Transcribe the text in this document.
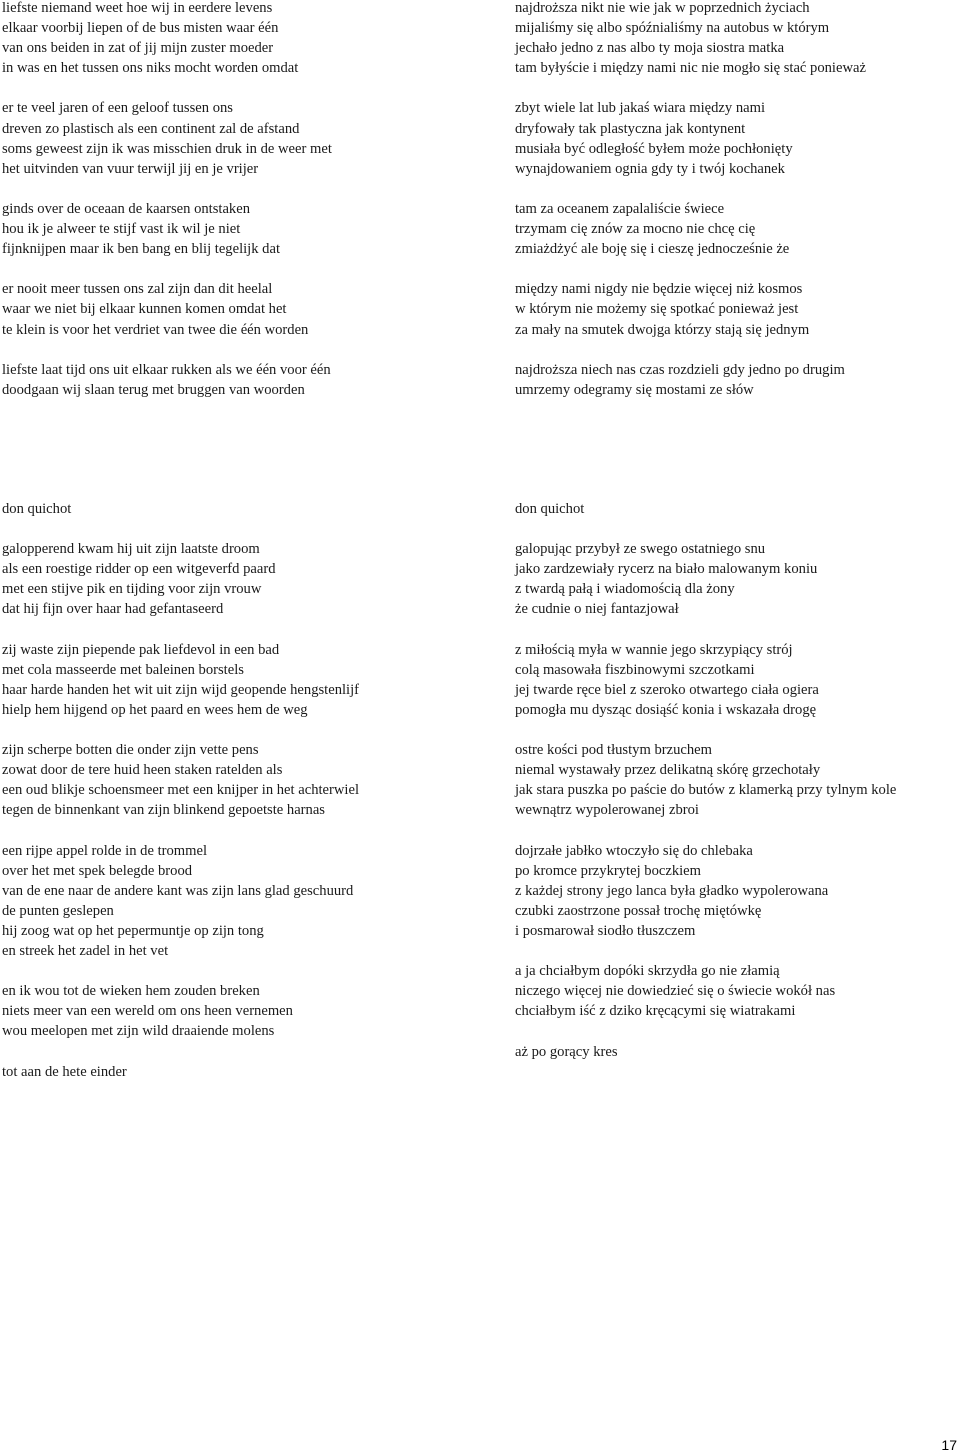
liefste niemand weet hoe wij in eerdere levens
elkaar voorbij liepen of de bus misten waar één
van ons beiden in zat of jij mijn zuster moeder
in was en het tussen ons niks mocht worden omdat

er te veel jaren of een geloof tussen ons
dreven zo plastisch als een continent zal de afstand
soms geweest zijn ik was misschien druk in de weer met
het uitvinden van vuur terwijl jij en je vrijer

ginds over de oceaan de kaarsen ontstaken
hou ik je alweer te stijf vast ik wil je niet
fijnknijpen maar ik ben bang en blij tegelijk dat

er nooit meer tussen ons zal zijn dan dit heelal
waar we niet bij elkaar kunnen komen omdat het
te klein is voor het verdriet van twee die één worden

liefste laat tijd ons uit elkaar rukken als we één voor één
doodgaan wij slaan terug met bruggen van woorden

najdroższa nikt nie wie jak w poprzednich życiach
mijaliśmy się albo spóźnialiśmy na autobus w którym
jechało jedno z nas albo ty moja siostra matka
tam byłyście i między nami nic nie mogło się stać ponieważ

zbyt wiele lat lub jakaś wiara między nami
dryfowały tak plastyczna jak kontynent
musiała być odległość byłem może pochłonięty
wynajdowaniem ognia gdy ty i twój kochanek

tam za oceanem zapalaliście świece
trzymam cię znów za mocno nie chcę cię
zmiażdżyć ale boję się i cieszę jednocześnie że

między nami nigdy nie będzie więcej niż kosmos
w którym nie możemy się spotkać ponieważ jest
za mały na smutek dwojga którzy stają się jednym

najdroższa niech nas czas rozdzieli gdy jedno po drugim
umrzemy odegramy się mostami ze słów

don quichot

galopperend kwam hij uit zijn laatste droom
als een roestige ridder op een witgeverfd paard
met een stijve pik en tijding voor zijn vrouw
dat hij fijn over haar had gefantaseerd

zij waste zijn piepende pak liefdevol in een bad
met cola masseerde met baleinen borstels
haar harde handen het wit uit zijn wijd geopende hengstenlijf
hielp hem hijgend op het paard en wees hem de weg

zijn scherpe botten die onder zijn vette pens
zowat door de tere huid heen staken ratelden als
een oud blikje schoensmeer met een knijper in het achterwiel
tegen de binnenkant van zijn blinkend gepoetste harnas

een rijpe appel rolde in de trommel
over het met spek belegde brood
van de ene naar de andere kant was zijn lans glad geschuurd
de punten geslepen
hij zoog wat op het pepermuntje op zijn tong
en streek het zadel in het vet

en ik wou tot de wieken hem zouden breken
niets meer van een wereld om ons heen vernemen
wou meelopen met zijn wild draaiende molens

tot aan de hete einder

don quichot

galopując przybył ze swego ostatniego snu
jako zardzewiały rycerz na biało malowanym koniu
z twardą pałą i wiadomością dla żony
że cudnie o niej fantazjował

z miłością myła w wannie jego skrzypiący strój
colą masowała fiszbinowymi szczotkami
jej twarde ręce biel z szeroko otwartego ciała ogiera
pomogła mu dysząc dosiąść konia i wskazała drogę

ostre kości pod tłustym brzuchem
niemal wystawały przez delikatną skórę grzechotały
jak stara puszka po paście do butów z klamerką przy tylnym kole
wewnątrz wypolerowanej zbroi

dojrzałe jabłko wtoczyło się do chlebaka
po kromce przykrytej boczkiem
z każdej strony jego lanca była gładko wypolerowana
czubki zaostrzone possał trochę miętówkę
i posmarował siodło tłuszczem

a ja chciałbym dopóki skrzydła go nie złamią
niczego więcej nie dowiedzieć się o świecie wokół nas
chciałbym iść z dziko kręcącymi się wiatrakami

aż po gorący kres

17
